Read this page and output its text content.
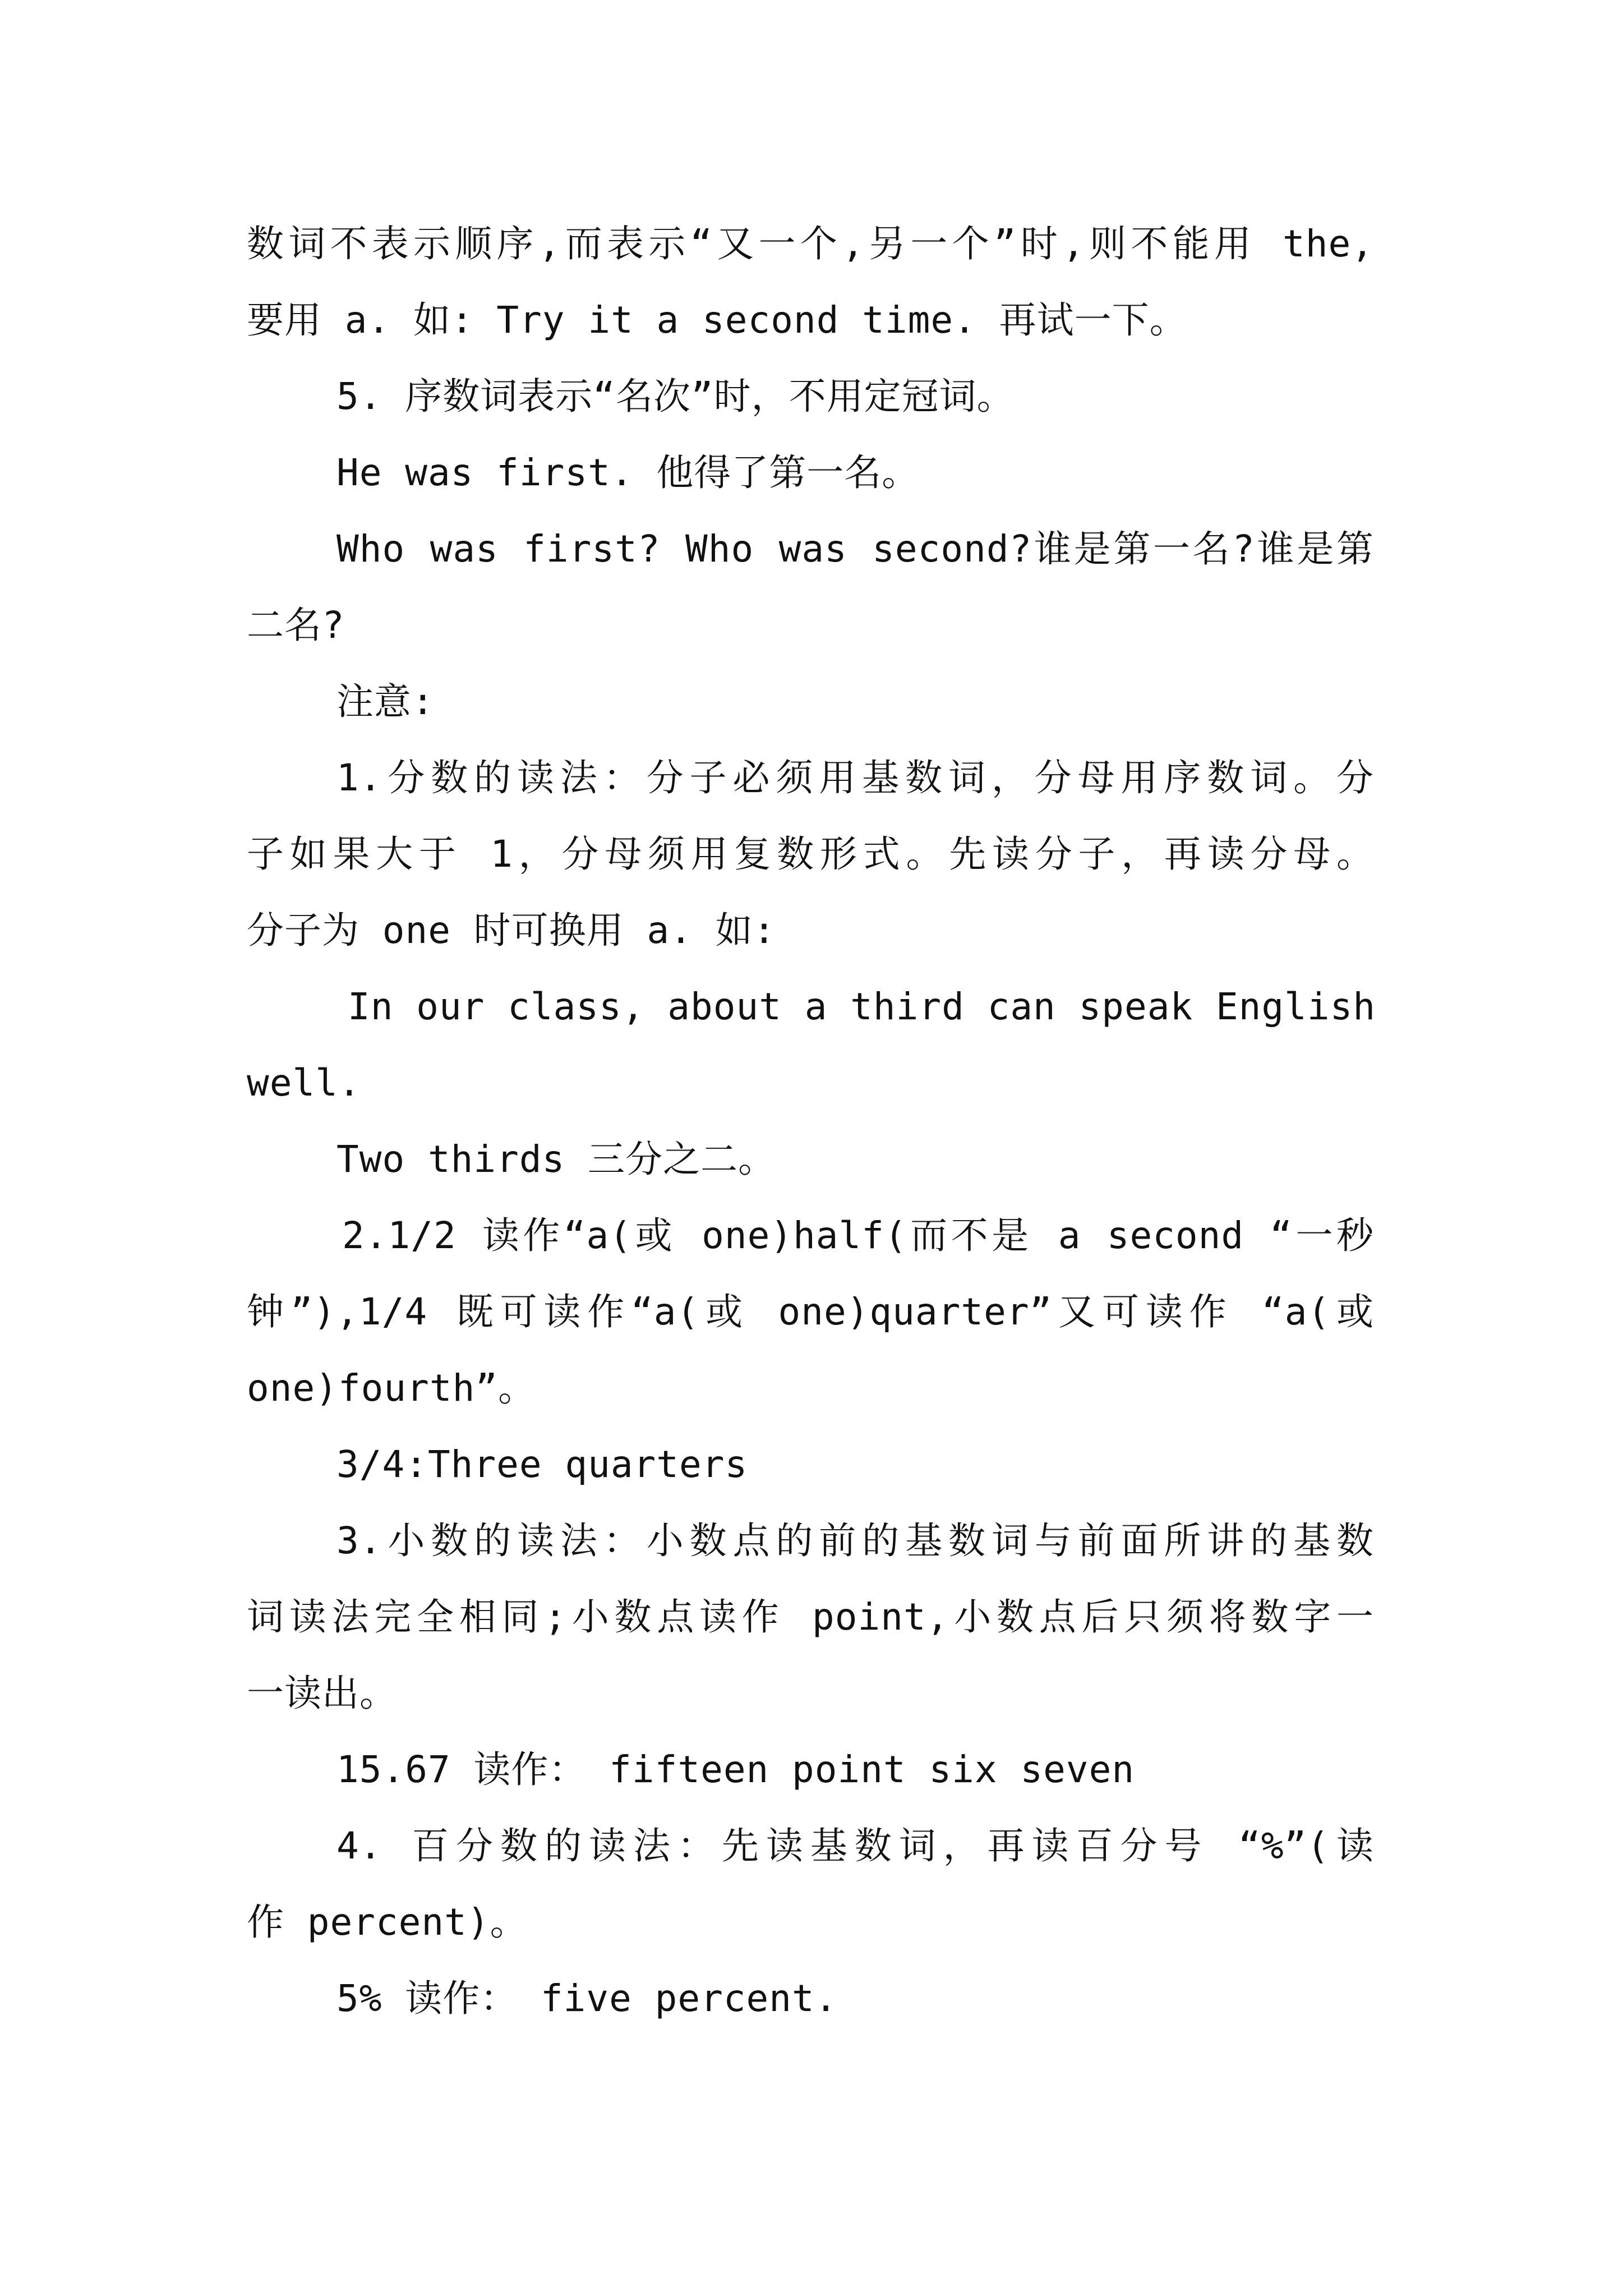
数词不表示顺序,而表示“又一个,另一个”时,则不能用 the,
要用 a. 如: Try it a second time. 再试一下。
5. 序数词表示“名次”时，不用定冠词。
He was first. 他得了第一名。
Who was first? Who was second?谁是第一名?谁是第
二名?
注意:
1.分数的读法：分子必须用基数词，分母用序数词。分
子如果大于 1，分母须用复数形式。先读分子，再读分母。
分子为 one 时可换用 a. 如:
In our class, about a third can speak English
well.
Two thirds 三分之二。
2.1/2 读作“a(或 one)half(而不是 a second “一秒
钟”),1/4 既可读作“a(或 one)quarter”又可读作 “a(或
one)fourth”。
3/4:Three quarters
3.小数的读法：小数点的前的基数词与前面所讲的基数
词读法完全相同;小数点读作 point,小数点后只须将数字一
一读出。
15.67 读作： fifteen point six seven
4. 百分数的读法：先读基数词，再读百分号 “%”(读
作 percent)。
5% 读作： five percent.
